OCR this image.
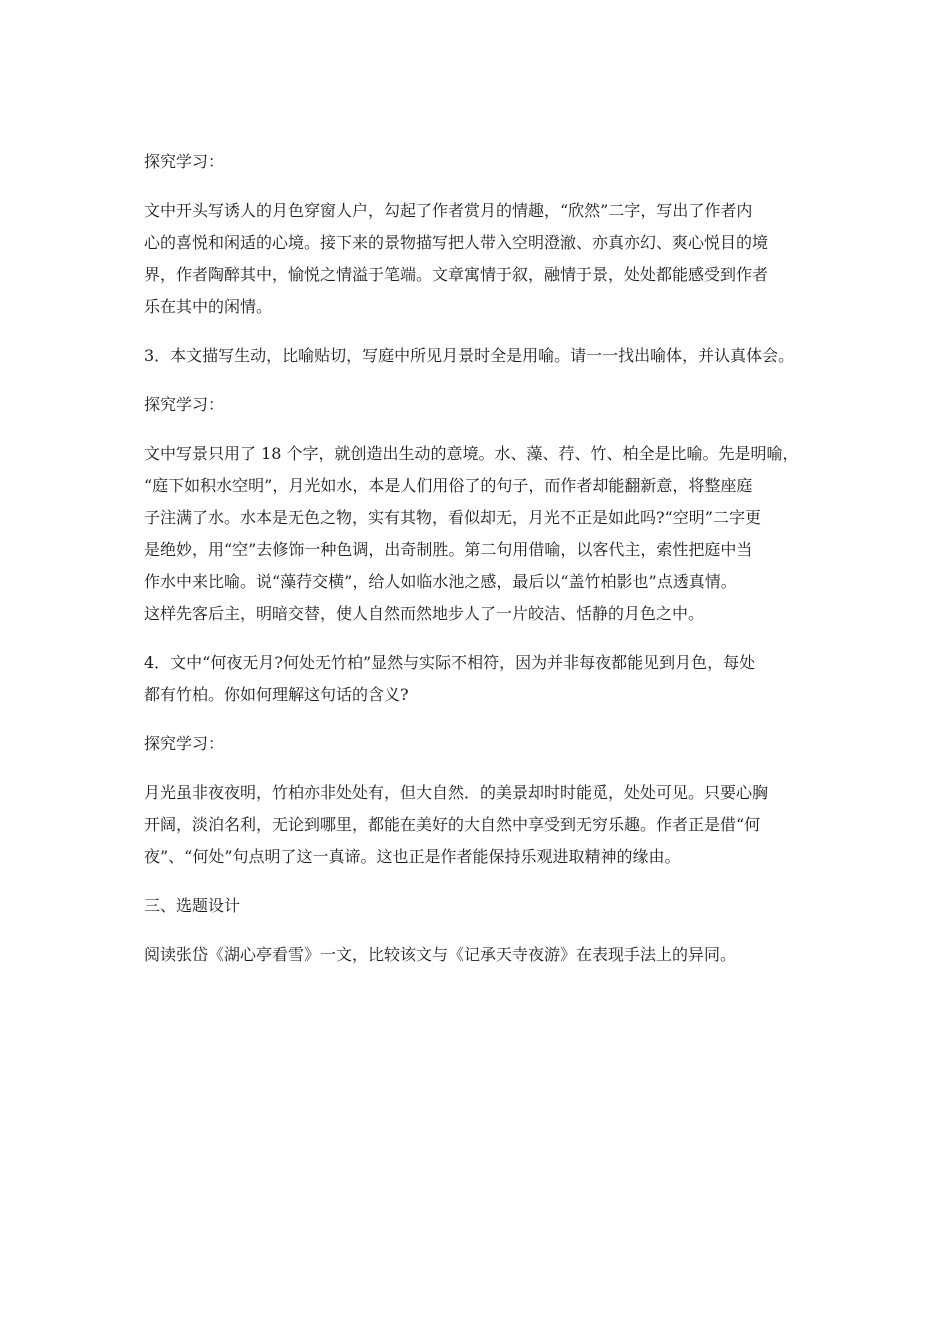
探究学习：

文中开头写诱人的月色穿窗人户，勾起了作者赏月的情趣，“欣然”二字，写出了作者内
心的喜悦和闲适的心境。接下来的景物描写把人带入空明澄澈、亦真亦幻、爽心悦目的境
界，作者陶醉其中，愉悦之情溢于笔端。文章寓情于叙，融情于景，处处都能感受到作者
乐在其中的闲情。

3．本文描写生动，比喻贴切，写庭中所见月景时全是用喻。请一一找出喻体，并认真体会。

探究学习：

文中写景只用了 18 个字，就创造出生动的意境。水、藻、荇、竹、柏全是比喻。先是明喻，
“庭下如积水空明”，月光如水，本是人们用俗了的句子，而作者却能翻新意，将整座庭
子注满了水。水本是无色之物，实有其物，看似却无，月光不正是如此吗?“空明”二字更
是绝妙，用“空”去修饰一种色调，出奇制胜。第二句用借喻，以客代主，索性把庭中当
作水中来比喻。说“藻荇交横”，给人如临水池之感，最后以“盖竹柏影也”点透真情。
这样先客后主，明暗交替，使人自然而然地步人了一片皎洁、恬静的月色之中。

4．文中“何夜无月?何处无竹柏”显然与实际不相符，因为并非每夜都能见到月色，每处
都有竹柏。你如何理解这句话的含义?

探究学习：

月光虽非夜夜明，竹柏亦非处处有，但大自然．的美景却时时能觅，处处可见。只要心胸
开阔，淡泊名利，无论到哪里，都能在美好的大自然中享受到无穷乐趣。作者正是借“何
夜”、“何处”句点明了这一真谛。这也正是作者能保持乐观进取精神的缘由。

三、选题设计

阅读张岱《湖心亭看雪》一文，比较该文与《记承天寺夜游》在表现手法上的异同。
